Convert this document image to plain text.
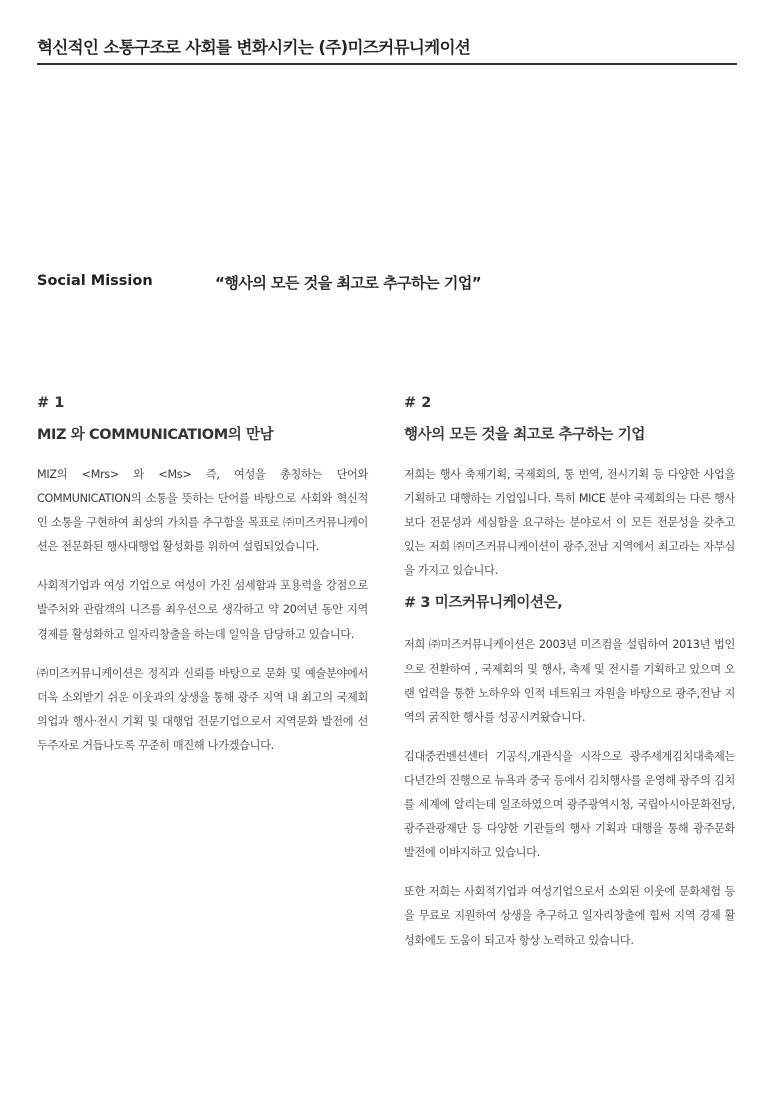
혁신적인 소통구조로 사회를 변화시키는 (주)미즈커뮤니케이션
Social Mission	“행사의 모든 것을 최고로 추구하는 기업”

# 1

MIZ 와 COMMUNICATIOM의 만남

MIZ의 <Mrs> 와 <Ms> 즉, 여성을 총칭하는 단어와 COMMUNICATION의 소통을 뜻하는 단어를 바탕으로 사회와 혁신적인 소통을 구현하여 최상의 가치를 추구함을 목표로 ㈜미즈커뮤니케이션은 전문화된 행사대행업 활성화를 위하여 설립되었습니다.

사회적기업과 여성 기업으로 여성이 가진 섬세함과 포용력을 강점으로 발주처와 관람객의 니즈를 최우선으로 생각하고 약 20여년 동안 지역 경제를 활성화하고 일자리창출을 하는데 일익을 담당하고 있습니다.

㈜미즈커뮤니케이션은 정직과 신뢰를 바탕으로 문화 및 예술분야에서 더욱 소외받기 쉬운 이웃과의 상생을 통해 광주 지역 내 최고의 국제회의업과 행사·전시 기획 및 대행업 전문기업으로서 지역문화 발전에 선두주자로 거듭나도록 꾸준히 매진해 나가겠습니다.

# 2

행사의 모든 것을 최고로 추구하는 기업

저희는 행사 축제기획, 국제회의, 통 번역, 전시기획 등 다양한 사업을 기획하고 대행하는 기업입니다. 특히 MICE 분야 국제회의는 다른 행사보다 전문성과 세심함을 요구하는 분야로서 이 모든 전문성을 갖추고 있는 저희 ㈜미즈커뮤니케이션이 광주,전남 지역에서 최고라는 자부심을 가지고 있습니다.

# 3 미즈커뮤니케이션은,

저희 ㈜미즈커뮤니케이션은 2003년 미즈컴을 설립하여 2013년 법인으로 전환하여 , 국제회의 및 행사, 축제 및 전시를 기획하고 있으며 오랜 업력을 통한 노하우와 인적 네트워크 자원을 바탕으로 광주,전남 지역의 굵직한 행사를 성공시켜왔습니다.

김대중컨벤션센터 기공식,개관식을 시작으로 광주세계김치대축제는 다년간의 진행으로 뉴욕과 중국 등에서 김치행사를 운영해 광주의 김치를 세계에 알리는데 일조하였으며 광주광역시청, 국립아시아문화전당, 광주관광재단 등 다양한 기관들의 행사 기획과 대행을 통해 광주문화 발전에 이바지하고 있습니다.

또한 저희는 사회적기업과 여성기업으로서 소외된 이웃에 문화체험 등을 무료로 지원하여 상생을 추구하고 일자리창출에 힘써 지역 경제 활성화에도 도움이 되고자 항상 노력하고 있습니다.
